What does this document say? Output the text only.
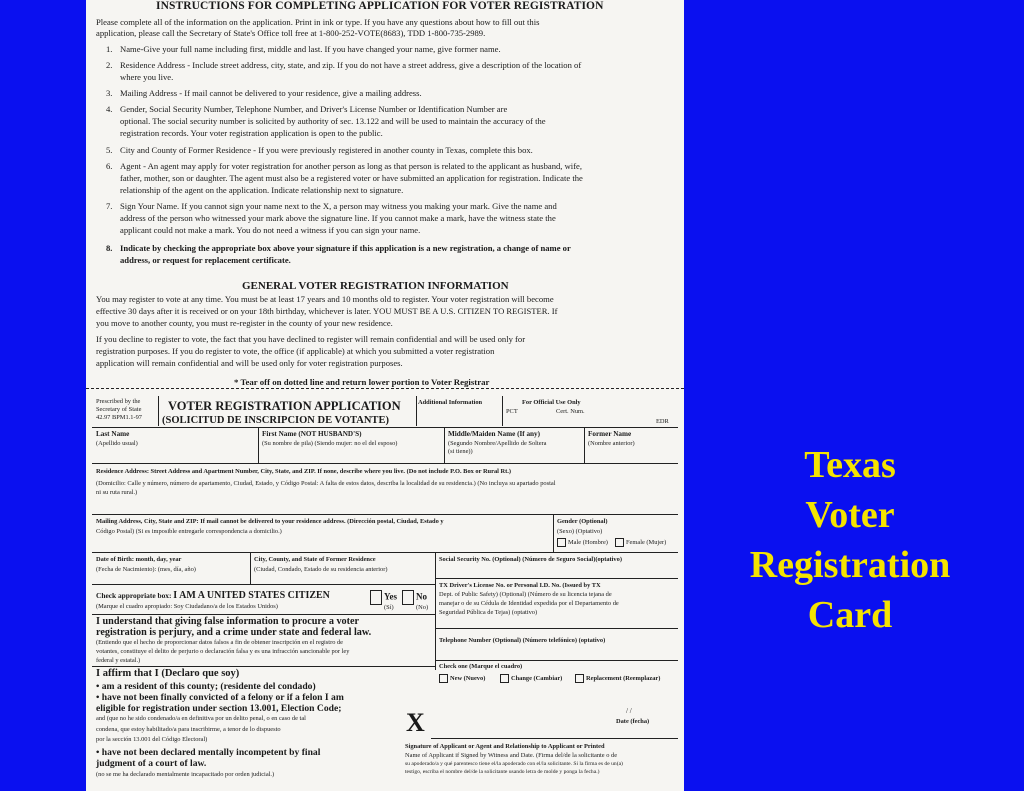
INSTRUCTIONS FOR COMPLETING APPLICATION FOR VOTER REGISTRATION
Please complete all of the information on the application. Print in ink or type. If you have any questions about how to fill out this
application, please call the Secretary of State's Office toll free at 1-800-252-VOTE(8683), TDD 1-800-735-2989.
1. Name-Give your full name including first, middle and last. If you have changed your name, give former name.
2. Residence Address - Include street address, city, state, and zip. If you do not have a street address, give a description of the location of
where you live.
3. Mailing Address - If mail cannot be delivered to your residence, give a mailing address.
4. Gender, Social Security Number, Telephone Number, and Driver's License Number or Identification Number are
optional. The social security number is solicited by authority of sec. 13.122 and will be used to maintain the accuracy of the
registration records. Your voter registration application is open to the public.
5. City and County of Former Residence - If you were previously registered in another county in Texas, complete this box.
6. Agent - An agent may apply for voter registration for another person as long as that person is related to the applicant as husband, wife,
father, mother, son or daughter. The agent must also be a registered voter or have submitted an application for registration. Indicate the
relationship of the agent on the application. Indicate relationship next to signature.
7. Sign Your Name. If you cannot sign your name next to the X, a person may witness you making your mark. Give the name and
address of the person who witnessed your mark above the signature line. If you cannot make a mark, have the witness state the
applicant could not make a mark. You do not need a witness if you can sign your name.
8. Indicate by checking the appropriate box above your signature if this application is a new registration, a change of name or
address, or request for replacement certificate.
GENERAL VOTER REGISTRATION INFORMATION
You may register to vote at any time. You must be at least 17 years and 10 months old to register. Your voter registration will become
effective 30 days after it is received or on your 18th birthday, whichever is later. YOU MUST BE A U.S. CITIZEN TO REGISTER. If
you move to another county, you must re-register in the county of your new residence.
If you decline to register to vote, the fact that you have declined to register will remain confidential and will be used only for
registration purposes. If you do register to vote, the office (if applicable) at which you submitted a voter registration
application will remain confidential and will be used only for voter registration purposes.
* Tear off on dotted line and return lower portion to Voter Registrar
Prescribed by the
Secretary of State
42.97 BPM1.1-97
VOTER REGISTRATION APPLICATION
(SOLICITUD DE INSCRIPCION DE VOTANTE)
Additional Information	For Official Use Only
PCT	Cert. Num.
EDR
Last Name
(Apellido usual)
First Name (NOT HUSBAND'S)
(Su nombre de pila) (Siendo mujer: no el del esposo)
Middle/Maiden Name (If any)
(Segundo Nombre/Apellido de Soltera
(si tiene))
Former Name
(Nombre anterior)
Residence Address: Street Address and Apartment Number, City, State, and ZIP. If none, describe where you live. (Do not include P.O. Box or Rural Rt.)
(Domicilio: Calle y número, número de apartamento, Ciudad, Estado, y Código Postal: A falta de estos datos, describa la localidad de su residencia.) (No incluya su apartado postal
ni su ruta rural.)
Mailing Address, City, State and ZIP: If mail cannot be delivered to your residence address. (Dirección postal, Ciudad, Estado y
Código Postal) (Si es imposible entregarle correspondencia a domicilio.)
Gender (Optional)
(Sexo) (Optativo)
Male (Hombre)	Female (Mujer)
Date of Birth: month, day, year
(Fecha de Nacimiento): (mes, día, año)
City, County, and State of Former Residence
(Ciudad, Condado, Estado de su residencia anterior)
Social Security No. (Optional) (Número de Seguro Social)(optativo)
Check appropriate box: I AM A UNITED STATES CITIZEN	Yes	No
(Marque el cuadro apropiado: Soy Ciudadano/a de los Estados Unidos)	(Sí)	(No)
TX Driver's License No. or Personal I.D. No. (Issued by TX
Dept. of Public Safety) (Optional) (Número de su licencia tejana de
manejar o de su Cédula de Identidad expedida por el Departamento de
Seguridad Pública de Tejas) (optativo)
I understand that giving false information to procure a voter
registration is perjury, and a crime under state and federal law.
(Entiendo que el hecho de proporcionar datos falsos a fin de obtener inscripción en el registro de
votantes, constituye el delito de perjurio o declaración falsa y es una infracción sancionable por ley
federal y estatal.)
Telephone Number (Optional) (Número telefónico) (optativo)
Check one (Marque el cuadro)
New (Nuevo)	Change (Cambiar)	Replacement (Reemplazar)
I affirm that I (Declaro que soy)
• am a resident of this county; (residente del condado)
• have not been finally convicted of a felony or if a felon I am
eligible for registration under section 13.001, Election Code;
and (que no he sido condenado/a en definitiva por un delito penal, o en caso de tal
condena, que estoy habilitado/a para inscribirme, a tenor de lo dispuesto
por la sección 13.001 del Código Electoral)
• have not been declared mentally incompetent by final
judgment of a court of law.
(no se me ha declarado mentalmente incapacitado por orden judicial.)
X	/ /
Date (fecha)
Signature of Applicant or Agent and Relationship to Applicant or Printed
Name of Applicant if Signed by Witness and Date. (Firma del/de la solicitante o de
su apoderado/a y qué parentesco tiene el/la apoderado con el/la solicitante. Si la firma es de un(a)
testigo, escriba el nombre del/de la solicitante usando letra de molde y ponga la fecha.)
Texas
Voter
Registration
Card
